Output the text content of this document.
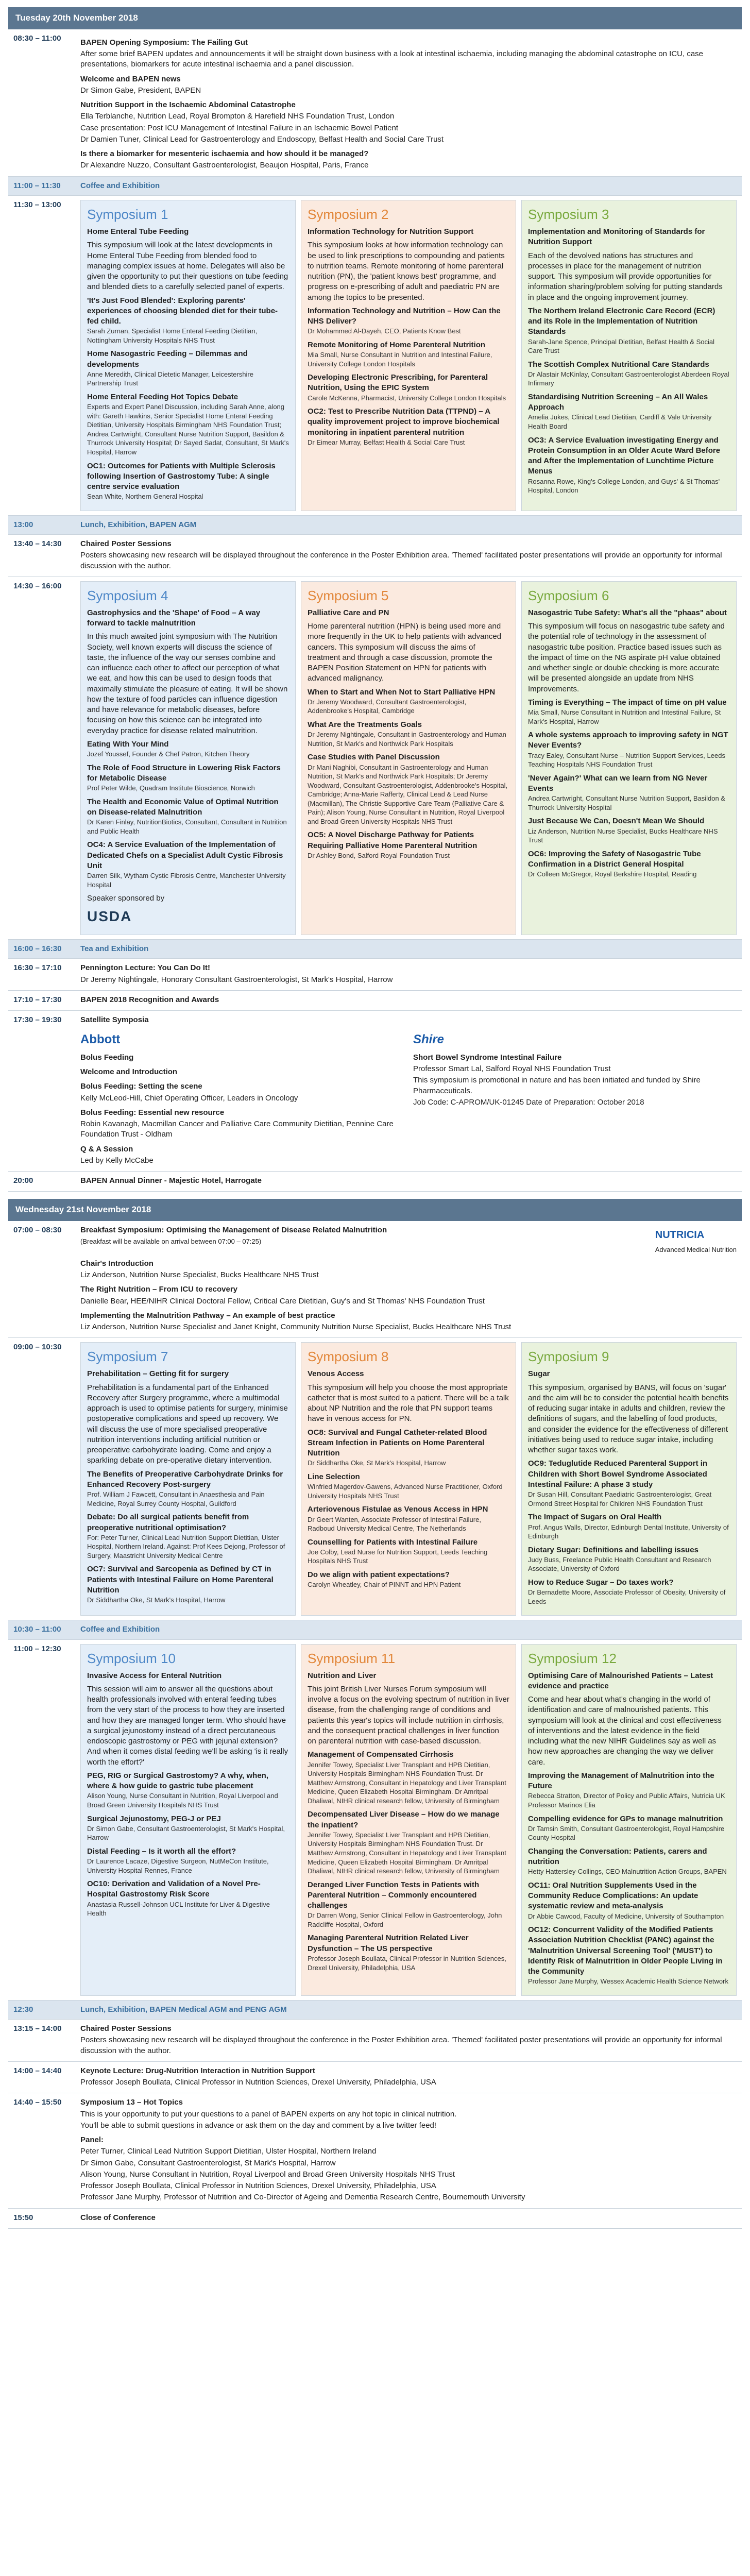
Tuesday 20th November 2018
08:30 – 11:00	BAPEN Opening Symposium: The Failing Gut
After some brief BAPEN updates and announcements it will be straight down business with a look at intestinal ischaemia, including managing the abdominal catastrophe on ICU, case presentations, biomarkers for acute intestinal ischaemia and a panel discussion.
Welcome and BAPEN news
Dr Simon Gabe, President, BAPEN
Nutrition Support in the Ischaemic Abdominal Catastrophe
Ella Terblanche, Nutrition Lead, Royal Brompton & Harefield NHS Foundation Trust, London
Case presentation: Post ICU Management of Intestinal Failure in an Ischaemic Bowel Patient
Dr Damien Tuner, Clinical Lead for Gastroenterology and Endoscopy, Belfast Health and Social Care Trust
Is there a biomarker for mesenteric ischaemia and how should it be managed?
Dr Alexandre Nuzzo, Consultant Gastroenterologist, Beaujon Hospital, Paris, France
11:00 – 11:30	Coffee and Exhibition
11:30 – 13:00
Symposium 1
Home Enteral Tube Feeding
This symposium will look at the latest developments in Home Enteral Tube Feeding from blended food to managing complex issues at home. Delegates will also be given the opportunity to put their questions on tube feeding and blended diets to a carefully selected panel of experts.
'It's Just Food Blended': Exploring parents' experiences of choosing blended diet for their tube-fed child.
Sarah Zurnan, Specialist Home Enteral Feeding Dietitian, Nottingham University Hospitals NHS Trust
Home Nasogastric Feeding – Dilemmas and developments
Anne Meredith, Clinical Dietetic Manager, Leicestershire Partnership Trust
Home Enteral Feeding Hot Topics Debate
Experts and Expert Panel Discussion, including Sarah Anne, along with: Gareth Hawkins, Senior Specialist Home Enteral Feeding Dietitian, University Hospitals Birmingham NHS Foundation Trust; Andrea Cartwright, Consultant Nurse Nutrition Support, Basildon & Thurrock University Hospital; Dr Sayed Sadat, Consultant, St Mark's Hospital, Harrow
OC1: Outcomes for Patients with Multiple Sclerosis following Insertion of Gastrostomy Tube: A single centre service evaluation
Sean White, Northern General Hospital
Symposium 2
Information Technology for Nutrition Support
This symposium looks at how information technology can be used to link prescriptions to compounding and patients to nutrition teams. Remote monitoring of home parenteral nutrition (PN), the 'patient knows best' programme, and progress on e-prescribing of adult and paediatric PN are among the topics to be presented.
Information Technology and Nutrition – How Can the NHS Deliver?
Dr Mohammed Al-Dayeh, CEO, Patients Know Best
Remote Monitoring of Home Parenteral Nutrition
Mia Small, Nurse Consultant in Nutrition and Intestinal Failure, University College London Hospitals
Developing Electronic Prescribing, for Parenteral Nutrition, Using the EPIC System
Carole McKenna, Pharmacist, University College London Hospitals
OC2: Test to Prescribe Nutrition Data (TTPND) – A quality improvement project to improve biochemical monitoring in inpatient parenteral nutrition
Dr Eimear Murray, Belfast Health & Social Care Trust
Symposium 3
Implementation and Monitoring of Standards for Nutrition Support
Each of the devolved nations has structures and processes in place for the management of nutrition support. This symposium will provide opportunities for information sharing/problem solving for putting standards in place and the ongoing improvement journey.
The Northern Ireland Electronic Care Record (ECR) and its Role in the Implementation of Nutrition Standards
Sarah-Jane Spence, Principal Dietitian, Belfast Health & Social Care Trust
The Scottish Complex Nutritional Care Standards
Dr Alastair McKinlay, Consultant Gastroenterologist Aberdeen Royal Infirmary
Standardising Nutrition Screening – An All Wales Approach
Amelia Jukes, Clinical Lead Dietitian, Cardiff & Vale University Health Board
OC3: A Service Evaluation investigating Energy and Protein Consumption in an Older Acute Ward Before and After the Implementation of Lunchtime Picture Menus
Rosanna Rowe, King's College London, and Guys' & St Thomas' Hospital, London
13:00	Lunch, Exhibition, BAPEN AGM
13:40 – 14:30	Chaired Poster Sessions
Posters showcasing new research will be displayed throughout the conference in the Poster Exhibition area. 'Themed' facilitated poster presentations will provide an opportunity for informal discussion with the author.
14:30 – 16:00
Symposium 4
Gastrophysics and the 'Shape' of Food – A way forward to tackle malnutrition
In this much awaited joint symposium with The Nutrition Society, well known experts will discuss the science of taste, the influence of the way our senses combine and can influence each other to affect our perception of what we eat, and how this can be used to design foods that maximally stimulate the pleasure of eating. It will be shown how the texture of food particles can influence digestion and have relevance for metabolic diseases, before focusing on how this science can be integrated into everyday practice for disease related malnutrition.
Eating With Your Mind
Jozef Youssef, Founder & Chef Patron, Kitchen Theory
The Role of Food Structure in Lowering Risk Factors for Metabolic Disease
Prof Peter Wilde, Quadram Institute Bioscience, Norwich
The Health and Economic Value of Optimal Nutrition on Disease-related Malnutrition
Dr Karen Finlay, NutritionBiotics, Consultant, Consultant in Nutrition and Public Health
OC4: A Service Evaluation of the Implementation of Dedicated Chefs on a Specialist Adult Cystic Fibrosis Unit
Darren Silk, Wytham Cystic Fibrosis Centre, Manchester University Hospital
Speaker sponsored by
USDA
Symposium 5
Palliative Care and PN
Home parenteral nutrition (HPN) is being used more and more frequently in the UK to help patients with advanced cancers. This symposium will discuss the aims of treatment and through a case discussion, promote the BAPEN Position Statement on HPN for patients with advanced malignancy.
When to Start and When Not to Start Palliative HPN
Dr Jeremy Woodward, Consultant Gastroenterologist, Addenbrooke's Hospital, Cambridge
What Are the Treatments Goals
Dr Jeremy Nightingale, Consultant in Gastroenterology and Human Nutrition, St Mark's and Northwick Park Hospitals
Case Studies with Panel Discussion
Dr Mani Naghibi, Consultant in Gastroenterology and Human Nutrition, St Mark's and Northwick Park Hospitals; Dr Jeremy Woodward, Consultant Gastroenterologist, Addenbrooke's Hospital, Cambridge; Anna-Marie Rafferty, Clinical Lead & Lead Nurse (Macmillan), The Christie Supportive Care Team (Palliative Care & Pain); Alison Young, Nurse Consultant in Nutrition, Royal Liverpool and Broad Green University Hospitals NHS Trust
OC5: A Novel Discharge Pathway for Patients Requiring Palliative Home Parenteral Nutrition
Dr Ashley Bond, Salford Royal Foundation Trust
Symposium 6
Nasogastric Tube Safety: What's all the "phaas" about
This symposium will focus on nasogastric tube safety and the potential role of technology in the assessment of nasogastric tube position. Practice based issues such as the impact of time on the NG aspirate pH value obtained and whether single or double checking is more accurate will be presented alongside an update from NHS Improvements.
Timing is Everything – The impact of time on pH value
Mia Small, Nurse Consultant in Nutrition and Intestinal Failure, St Mark's Hospital, Harrow
A whole systems approach to improving safety in NGT Never Events?
Tracy Ealey, Consultant Nurse – Nutrition Support Services, Leeds Teaching Hospitals NHS Foundation Trust
'Never Again?' What can we learn from NG Never Events
Andrea Cartwright, Consultant Nurse Nutrition Support, Basildon & Thurrock University Hospital
Just Because We Can, Doesn't Mean We Should
Liz Anderson, Nutrition Nurse Specialist, Bucks Healthcare NHS Trust
OC6: Improving the Safety of Nasogastric Tube Confirmation in a District General Hospital
Dr Colleen McGregor, Royal Berkshire Hospital, Reading
16:00 – 16:30	Tea and Exhibition
16:30 – 17:10	Pennington Lecture: You Can Do It!
Dr Jeremy Nightingale, Honorary Consultant Gastroenterologist, St Mark's Hospital, Harrow
17:10 – 17:30	BAPEN 2018 Recognition and Awards
17:30 – 19:30	Satellite Symposia
Abbott
Bolus Feeding
Welcome and Introduction
Bolus Feeding: Setting the scene
Kelly McLeod-Hill, Chief Operating Officer, Leaders in Oncology
Bolus Feeding: Essential new resource
Robin Kavanagh, Macmillan Cancer and Palliative Care Community Dietitian, Pennine Care Foundation Trust - Oldham
Q & A Session
Led by Kelly McCabe
Shire
Short Bowel Syndrome Intestinal Failure
Professor Smart Lal, Salford Royal NHS Foundation Trust
This symposium is promotional in nature and has been initiated and funded by Shire Pharmaceuticals.
Job Code: C-APROM/UK-01245 Date of Preparation: October 2018
20:00	BAPEN Annual Dinner - Majestic Hotel, Harrogate
Wednesday 21st November 2018
07:00 – 08:30	Breakfast Symposium: Optimising the Management of Disease Related Malnutrition
(Breakfast will be available on arrival between 07:00 – 07:25)
NUTRICIA
Advanced Medical Nutrition
Chair's Introduction
Liz Anderson, Nutrition Nurse Specialist, Bucks Healthcare NHS Trust
The Right Nutrition – From ICU to recovery
Danielle Bear, HEE/NIHR Clinical Doctoral Fellow, Critical Care Dietitian, Guy's and St Thomas' NHS Foundation Trust
Implementing the Malnutrition Pathway – An example of best practice
Liz Anderson, Nutrition Nurse Specialist and Janet Knight, Community Nutrition Nurse Specialist, Bucks Healthcare NHS Trust
09:00 – 10:30
Symposium 7
Prehabilitation – Getting fit for surgery
Prehabilitation is a fundamental part of the Enhanced Recovery after Surgery programme, where a multimodal approach is used to optimise patients for surgery, minimise postoperative complications and speed up recovery. We will discuss the use of more specialised preoperative nutrition interventions including artificial nutrition or preoperative carbohydrate loading. Come and enjoy a sparkling debate on pre-operative dietary intervention.
The Benefits of Preoperative Carbohydrate Drinks for Enhanced Recovery Post-surgery
Prof. William J Fawcett, Consultant in Anaesthesia and Pain Medicine, Royal Surrey County Hospital, Guildford
Debate: Do all surgical patients benefit from preoperative nutritional optimisation?
For: Peter Turner, Clinical Lead Nutrition Support Dietitian, Ulster Hospital, Northern Ireland. Against: Prof Kees Dejong, Professor of Surgery, Maastricht University Medical Centre
OC7: Survival and Sarcopenia as Defined by CT in Patients with Intestinal Failure on Home Parenteral Nutrition
Dr Siddhartha Oke, St Mark's Hospital, Harrow
Symposium 8
Venous Access
This symposium will help you choose the most appropriate catheter that is most suited to a patient. There will be a talk about NP Nutrition and the role that PN support teams have in venous access for PN.
OC8: Survival and Fungal Catheter-related Blood Stream Infection in Patients on Home Parenteral Nutrition
Dr Siddhartha Oke, St Mark's Hospital, Harrow
Line Selection
Winfried Magerdov-Gawens, Advanced Nurse Practitioner, Oxford University Hospitals NHS Trust
Arteriovenous Fistulae as Venous Access in HPN
Dr Geert Wanten, Associate Professor of Intestinal Failure, Radboud University Medical Centre, The Netherlands
Counselling for Patients with Intestinal Failure
Joe Colby, Lead Nurse for Nutrition Support, Leeds Teaching Hospitals NHS Trust
Do we align with patient expectations?
Carolyn Wheatley, Chair of PINNT and HPN Patient
Symposium 9
Sugar
This symposium, organised by BANS, will focus on 'sugar' and the aim will be to consider the potential health benefits of reducing sugar intake in adults and children, review the definitions of sugars, and the labelling of food products, and consider the evidence for the effectiveness of different initiatives being used to reduce sugar intake, including whether sugar taxes work.
OC9: Teduglutide Reduced Parenteral Support in Children with Short Bowel Syndrome Associated Intestinal Failure: A phase 3 study
Dr Susan Hill, Consultant Paediatric Gastroenterologist, Great Ormond Street Hospital for Children NHS Foundation Trust
The Impact of Sugars on Oral Health
Prof. Angus Walls, Director, Edinburgh Dental Institute, University of Edinburgh
Dietary Sugar: Definitions and labelling issues
Judy Buss, Freelance Public Health Consultant and Research Associate, University of Oxford
How to Reduce Sugar – Do taxes work?
Dr Bernadette Moore, Associate Professor of Obesity, University of Leeds
10:30 – 11:00	Coffee and Exhibition
11:00 – 12:30
Symposium 10
Invasive Access for Enteral Nutrition
This session will aim to answer all the questions about health professionals involved with enteral feeding tubes from the very start of the process to how they are inserted and how they are managed longer term. Who should have a surgical jejunostomy instead of a direct percutaneous endoscopic gastrostomy or PEG with jejunal extension? And when it comes distal feeding we'll be asking 'is it really worth the effort?'
PEG, RIG or Surgical Gastrostomy? A why, when, where & how guide to gastric tube placement
Alison Young, Nurse Consultant in Nutrition, Royal Liverpool and Broad Green University Hospitals NHS Trust
Surgical Jejunostomy, PEG-J or PEJ
Dr Simon Gabe, Consultant Gastroenterologist, St Mark's Hospital, Harrow
Distal Feeding – Is it worth all the effort?
Dr Laurence Lacaze, Digestive Surgeon, NutMeCon Institute, University Hospital Rennes, France
OC10: Derivation and Validation of a Novel Pre-Hospital Gastrostomy Risk Score
Anastasia Russell-Johnson UCL Institute for Liver & Digestive Health
Symposium 11
Nutrition and Liver
This joint British Liver Nurses Forum symposium will involve a focus on the evolving spectrum of nutrition in liver disease, from the challenging range of conditions and patients this year's topics will include nutrition in cirrhosis, and the consequent practical challenges in liver function on parenteral nutrition with case-based discussion.
Management of Compensated Cirrhosis
Jennifer Towey, Specialist Liver Transplant and HPB Dietitian, University Hospitals Birmingham NHS Foundation Trust. Dr Matthew Armstrong, Consultant in Hepatology and Liver Transplant Medicine, Queen Elizabeth Hospital Birmingham. Dr Amritpal Dhaliwal, NIHR clinical research fellow, University of Birmingham
Decompensated Liver Disease – How do we manage the inpatient?
Jennifer Towey, Specialist Liver Transplant and HPB Dietitian, University Hospitals Birmingham NHS Foundation Trust. Dr Matthew Armstrong, Consultant in Hepatology and Liver Transplant Medicine, Queen Elizabeth Hospital Birmingham. Dr Amritpal Dhaliwal, NIHR clinical research fellow, University of Birmingham
Deranged Liver Function Tests in Patients with Parenteral Nutrition – Commonly encountered challenges
Dr Darren Wong, Senior Clinical Fellow in Gastroenterology, John Radcliffe Hospital, Oxford
Managing Parenteral Nutrition Related Liver Dysfunction – The US perspective
Professor Joseph Boullata, Clinical Professor in Nutrition Sciences, Drexel University, Philadelphia, USA
Symposium 12
Optimising Care of Malnourished Patients – Latest evidence and practice
Come and hear about what's changing in the world of identification and care of malnourished patients. This symposium will look at the clinical and cost effectiveness of interventions and the latest evidence in the field including what the new NIHR Guidelines say as well as how new approaches are changing the way we deliver care.
Improving the Management of Malnutrition into the Future
Rebecca Stratton, Director of Policy and Public Affairs, Nutricia UK Professor Marinos Elia
Compelling evidence for GPs to manage malnutrition
Dr Tamsin Smith, Consultant Gastroenterologist, Royal Hampshire County Hospital
Changing the Conversation: Patients, carers and nutrition
Hetty Hattersley-Collings, CEO Malnutrition Action Groups, BAPEN
OC11: Oral Nutrition Supplements Used in the Community Reduce Complications: An update systematic review and meta-analysis
Dr Abbie Cawood, Faculty of Medicine, University of Southampton
OC12: Concurrent Validity of the Modified Patients Association Nutrition Checklist (PANC) against the 'Malnutrition Universal Screening Tool' ('MUST') to Identify Risk of Malnutrition in Older People Living in the Community
Professor Jane Murphy, Wessex Academic Health Science Network
12:30	Lunch, Exhibition, BAPEN Medical AGM and PENG AGM
13:15 – 14:00	Chaired Poster Sessions
Posters showcasing new research will be displayed throughout the conference in the Poster Exhibition area. 'Themed' facilitated poster presentations will provide an opportunity for informal discussion with the author.
14:00 – 14:40	Keynote Lecture: Drug-Nutrition Interaction in Nutrition Support
Professor Joseph Boullata, Clinical Professor in Nutrition Sciences, Drexel University, Philadelphia, USA
14:40 – 15:50	Symposium 13 – Hot Topics
This is your opportunity to put your questions to a panel of BAPEN experts on any hot topic in clinical nutrition.
You'll be able to submit questions in advance or ask them on the day and comment by a live twitter feed!
Panel:
Peter Turner, Clinical Lead Nutrition Support Dietitian, Ulster Hospital, Northern Ireland
Dr Simon Gabe, Consultant Gastroenterologist, St Mark's Hospital, Harrow
Alison Young, Nurse Consultant in Nutrition, Royal Liverpool and Broad Green University Hospitals NHS Trust
Professor Joseph Boullata, Clinical Professor in Nutrition Sciences, Drexel University, Philadelphia, USA
Professor Jane Murphy, Professor of Nutrition and Co-Director of Ageing and Dementia Research Centre, Bournemouth University
15:50	Close of Conference
